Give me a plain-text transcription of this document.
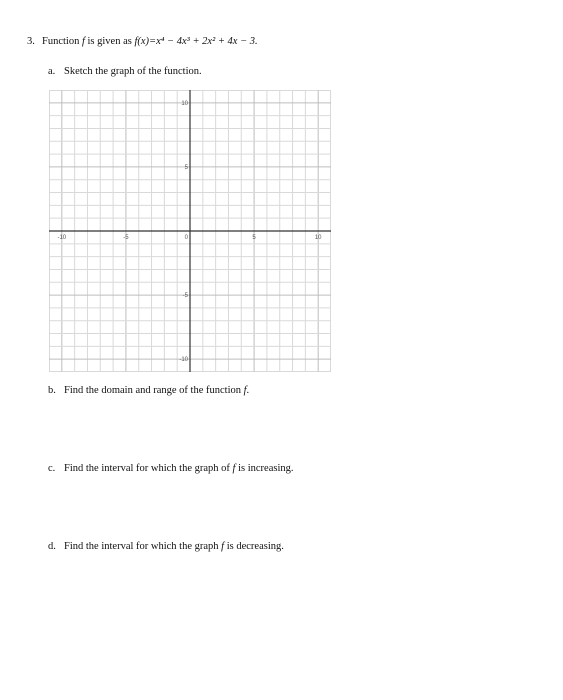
3. Function f is given as f(x)=x⁴ − 4x³ + 2x² + 4x − 3.
a. Sketch the graph of the function.
-10	-5	0	5	10
10
5
-5
-10
b. Find the domain and range of the function f.
c. Find the interval for which the graph of f is increasing.
d. Find the interval for which the graph f is decreasing.
